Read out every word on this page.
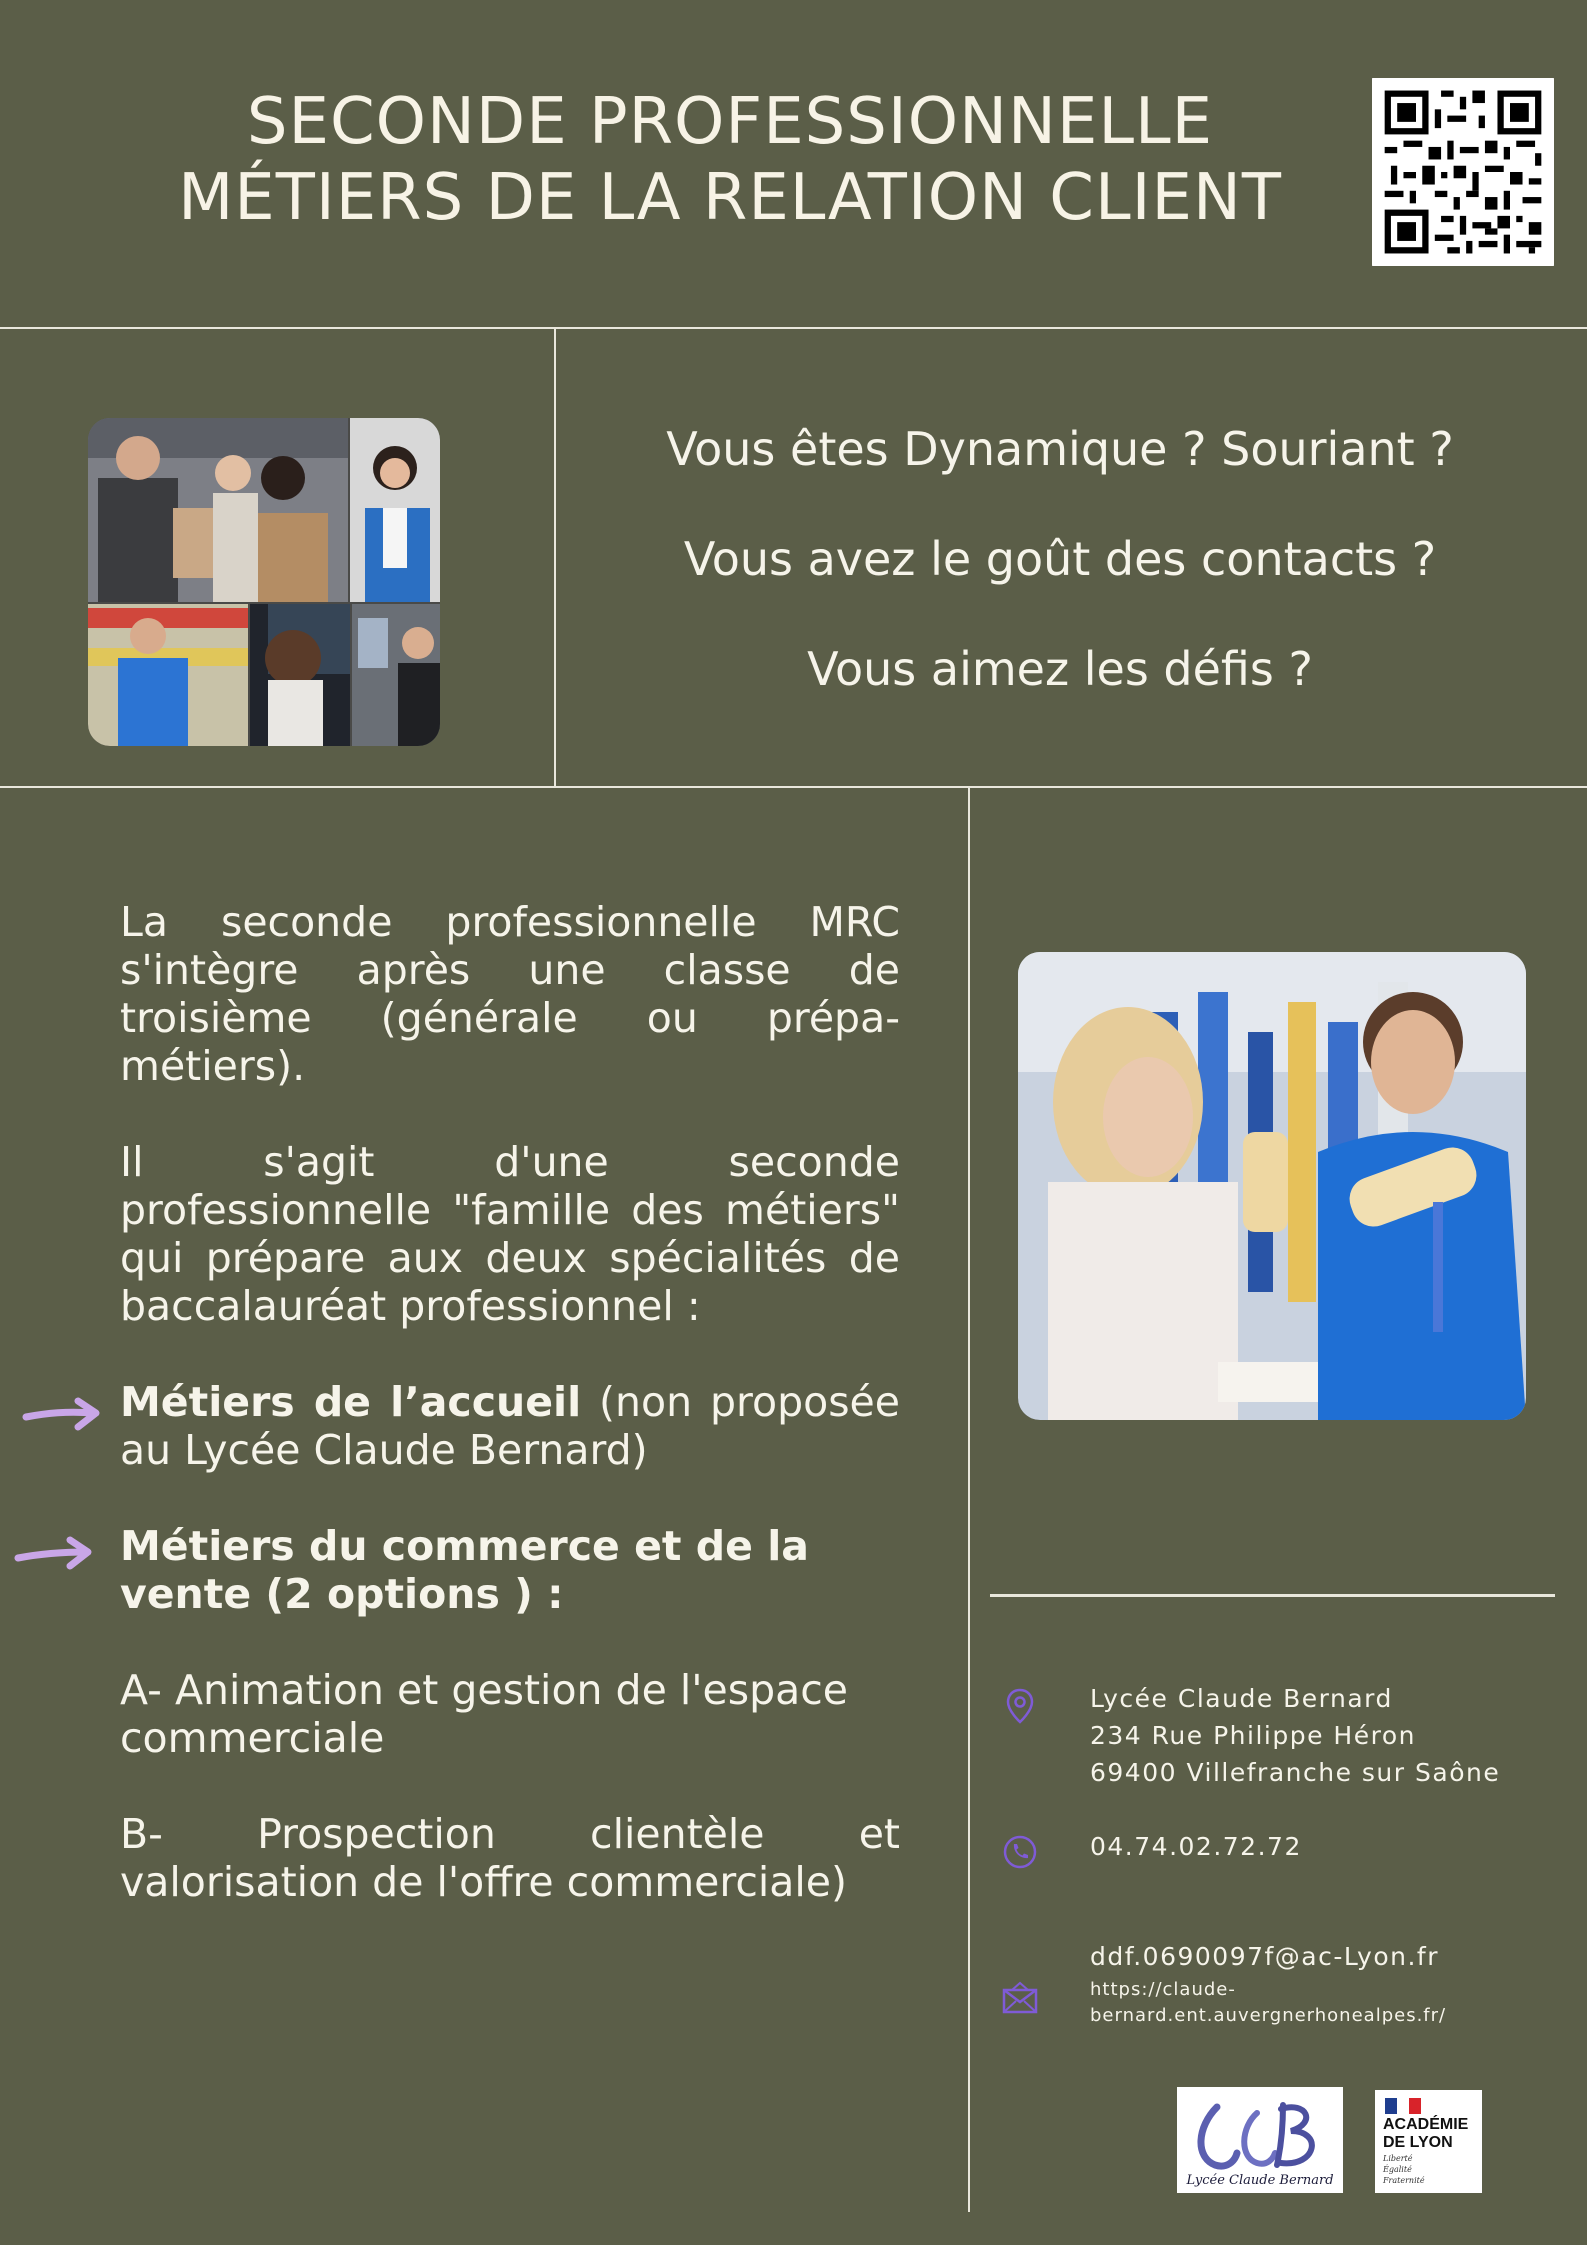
SECONDE PROFESSIONNELLE
MÉTIERS DE LA RELATION CLIENT
Vous êtes Dynamique ? Souriant ?
Vous avez le goût des contacts ?
Vous aimez les défis ?
La seconde professionnelle MRC s'intègre après une classe de troisième (générale ou prépa-métiers).
Il s'agit d'une seconde professionnelle "famille des métiers" qui prépare aux deux spécialités de baccalauréat professionnel :
Métiers de l’accueil (non proposée au Lycée Claude Bernard)
Métiers du commerce et de la vente (2 options ) :
A- Animation et gestion de l'espace commerciale
B- Prospection clientèle et valorisation de l'offre commerciale)
Lycée Claude Bernard
234 Rue Philippe Héron
69400 Villefranche sur Saône
04.74.02.72.72
ddf.0690097f@ac-Lyon.fr
https://claude-
bernard.ent.auvergnerhonealpes.fr/
Lycée Claude Bernard
ACADÉMIE
DE LYON
Liberté
Égalité
Fraternité
